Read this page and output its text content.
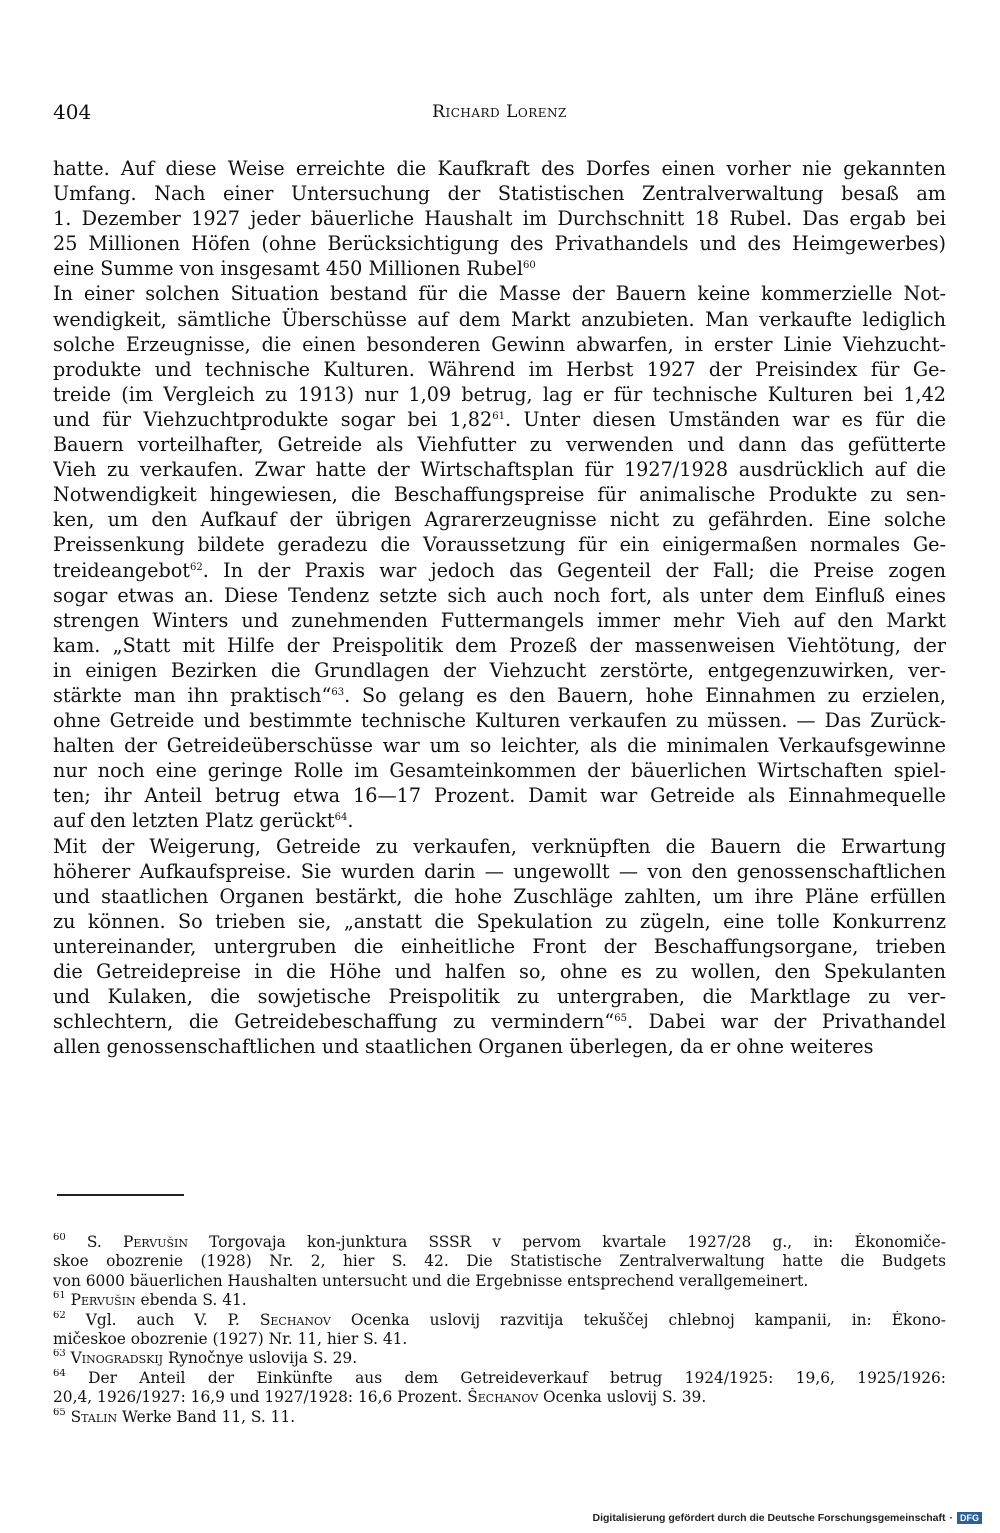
404	Richard Lorenz
hatte. Auf diese Weise erreichte die Kaufkraft des Dorfes einen vorher nie gekannten
Umfang. Nach einer Untersuchung der Statistischen Zentralverwaltung besaß am
1. Dezember 1927 jeder bäuerliche Haushalt im Durchschnitt 18 Rubel. Das ergab bei
25 Millionen Höfen (ohne Berücksichtigung des Privathandels und des Heimgewerbes)
eine Summe von insgesamt 450 Millionen Rubel$^{60}$
In einer solchen Situation bestand für die Masse der Bauern keine kommerzielle Not-
wendigkeit, sämtliche Überschüsse auf dem Markt anzubieten. Man verkaufte lediglich
solche Erzeugnisse, die einen besonderen Gewinn abwarfen, in erster Linie Viehzucht-
produkte und technische Kulturen. Während im Herbst 1927 der Preisindex für Ge-
treide (im Vergleich zu 1913) nur 1,09 betrug, lag er für technische Kulturen bei 1,42
und für Viehzuchtprodukte sogar bei 1,82$^{61}$. Unter diesen Umständen war es für die
Bauern vorteilhafter, Getreide als Viehfutter zu verwenden und dann das gefütterte
Vieh zu verkaufen. Zwar hatte der Wirtschaftsplan für 1927/1928 ausdrücklich auf die
Notwendigkeit hingewiesen, die Beschaffungspreise für animalische Produkte zu sen-
ken, um den Aufkauf der übrigen Agrarerzeugnisse nicht zu gefährden. Eine solche
Preissenkung bildete geradezu die Voraussetzung für ein einigermaßen normales Ge-
treideangebot$^{62}$. In der Praxis war jedoch das Gegenteil der Fall; die Preise zogen
sogar etwas an. Diese Tendenz setzte sich auch noch fort, als unter dem Einfluß eines
strengen Winters und zunehmenden Futtermangels immer mehr Vieh auf den Markt
kam. „Statt mit Hilfe der Preispolitik dem Prozeß der massenweisen Viehtötung, der
in einigen Bezirken die Grundlagen der Viehzucht zerstörte, entgegenzuwirken, ver-
stärkte man ihn praktisch“$^{63}$. So gelang es den Bauern, hohe Einnahmen zu erzielen,
ohne Getreide und bestimmte technische Kulturen verkaufen zu müssen. — Das Zurück-
halten der Getreideüberschüsse war um so leichter, als die minimalen Verkaufsgewinne
nur noch eine geringe Rolle im Gesamteinkommen der bäuerlichen Wirtschaften spiel-
ten; ihr Anteil betrug etwa 16—17 Prozent. Damit war Getreide als Einnahmequelle
auf den letzten Platz gerückt$^{64}$.
Mit der Weigerung, Getreide zu verkaufen, verknüpften die Bauern die Erwartung
höherer Aufkaufspreise. Sie wurden darin — ungewollt — von den genossenschaftlichen
und staatlichen Organen bestärkt, die hohe Zuschläge zahlten, um ihre Pläne erfüllen
zu können. So trieben sie, „anstatt die Spekulation zu zügeln, eine tolle Konkurrenz
untereinander, untergruben die einheitliche Front der Beschaffungsorgane, trieben
die Getreidepreise in die Höhe und halfen so, ohne es zu wollen, den Spekulanten
und Kulaken, die sowjetische Preispolitik zu untergraben, die Marktlage zu ver-
schlechtern, die Getreidebeschaffung zu vermindern“$^{65}$. Dabei war der Privathandel
allen genossenschaftlichen und staatlichen Organen überlegen, da er ohne weiteres
$^{60}$ S. Pervušin Torgovaja kon-junktura SSSR v pervom kvartale 1927/28 g., in: Ėkonomiče-
skoe obozrenie (1928) Nr. 2, hier S. 42. Die Statistische Zentralverwaltung hatte die Budgets
von 6000 bäuerlichen Haushalten untersucht und die Ergebnisse entsprechend verallgemeinert.
$^{61}$ Pervušin ebenda S. 41.
$^{62}$ Vgl. auch V. P. Sechanov Ocenka uslovij razvitija tekuščej chlebnoj kampanii, in: Ėkono-
mičeskoe obozrenie (1927) Nr. 11, hier S. 41.
$^{63}$ Vinogradskij Rynočnye uslovija S. 29.
$^{64}$ Der Anteil der Einkünfte aus dem Getreideverkauf betrug 1924/1925: 19,6, 1925/1926:
20,4, 1926/1927: 16,9 und 1927/1928: 16,6 Prozent. Šechanov Ocenka uslovij S. 39.
$^{65}$ Stalin Werke Band 11, S. 11.
Digitalisierung gefördert durch die Deutsche Forschungsgemeinschaft · DFG
